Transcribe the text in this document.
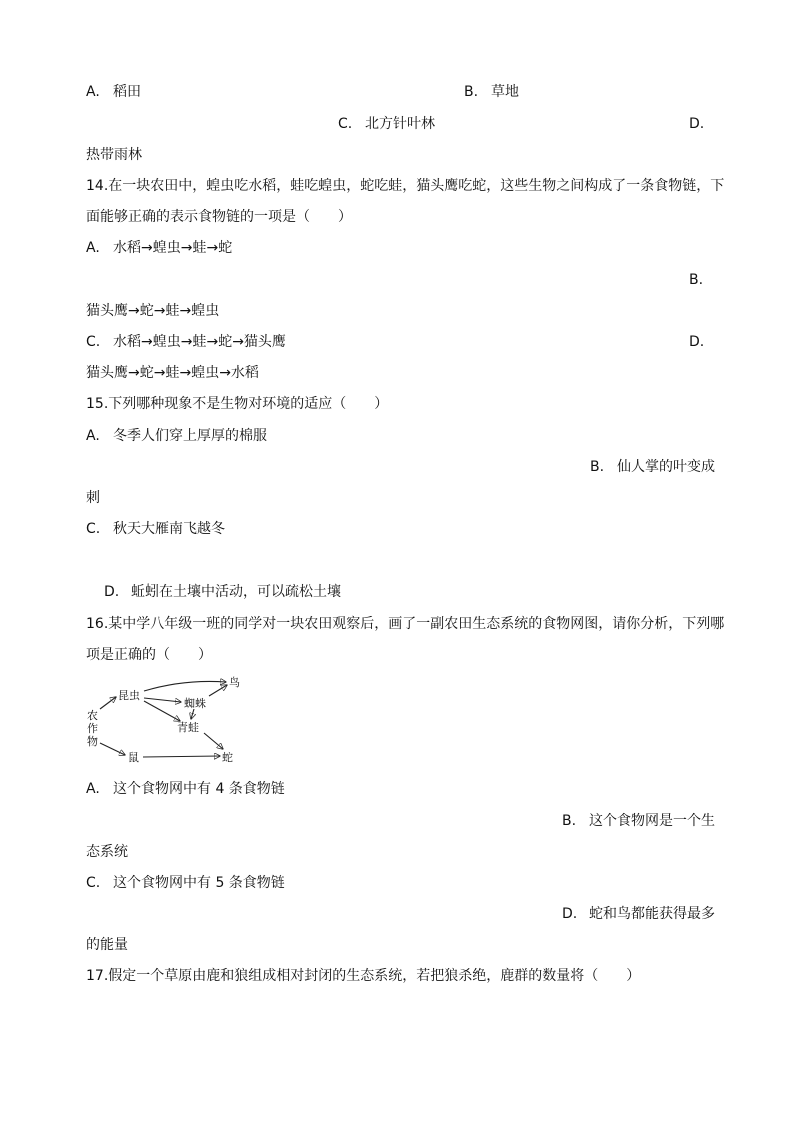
A. 稻田	B. 草地
C. 北方针叶林	D.
热带雨林
14.在一块农田中，蝗虫吃水稻，蛙吃蝗虫，蛇吃蛙，猫头鹰吃蛇，这些生物之间构成了一条食物链，下
面能够正确的表示食物链的一项是（　　）
A. 水稻→蝗虫→蛙→蛇
B.
猫头鹰→蛇→蛙→蝗虫
C. 水稻→蝗虫→蛙→蛇→猫头鹰	D.
猫头鹰→蛇→蛙→蝗虫→水稻
15.下列哪种现象不是生物对环境的适应（　　）
A. 冬季人们穿上厚厚的棉服
B. 仙人掌的叶变成
刺
C. 秋天大雁南飞越冬
D. 蚯蚓在土壤中活动，可以疏松土壤
16.某中学八年级一班的同学对一块农田观察后，画了一副农田生态系统的食物网图，请你分析，下列哪
项是正确的（　　）
农
作
物
昆虫
鸟
蜘蛛
青蛙
鼠	蛇
A. 这个食物网中有 4 条食物链
B. 这个食物网是一个生
态系统
C. 这个食物网中有 5 条食物链
D. 蛇和鸟都能获得最多
的能量
17.假定一个草原由鹿和狼组成相对封闭的生态系统，若把狼杀绝，鹿群的数量将（　　）
